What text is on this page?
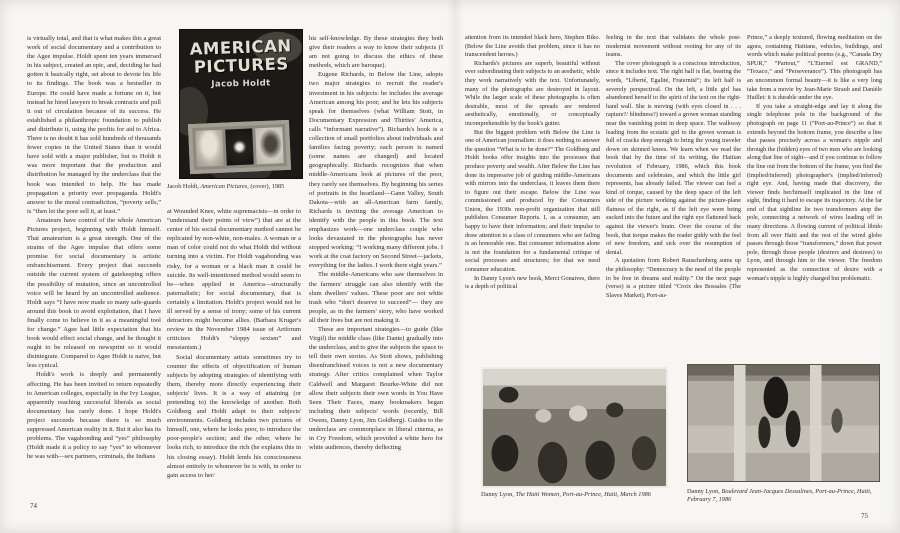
is virtually total, and that is what makes this a great work of social documentary and a contribution to the Agee impulse. Holdt spent ten years immersed in his subject, created an epic, and, deciding he had gotten it basically right, set about to devote his life to its findings. The book was a bestseller in Europe. He could have made a fortune on it, but instead he hired lawyers to break contracts and pull it out of circulation because of its success. He established a philanthropic foundation to publish and distribute it, using the profits for aid to Africa. There is no doubt it has sold hundreds of thousands fewer copies in the United States than it would have sold with a major publisher, but to Holdt it was more important that the production and distribution be managed by the underclass that the book was intended to help. He has made propagation a priority over propaganda. Holdt's answer to the moral contradiction, “poverty sells,” is “then let the poor sell it, at least.”

Amateurs have control of the whole American Pictures project, beginning with Holdt himself. That amateurism is a great strength. One of the strains of the Agee impulse that offers some promise for social documentary is artistic enfranchisement. Every project that succeeds outside the current system of gatekeeping offers the possibility of mutation, since an uncontrolled voice will be heard by an uncontrolled audience. Holdt says “I have now made so many safe-guards around this book to avoid exploitation, that I have finally come to believe in it as a meaningful tool for change.” Agee had little expectation that his book would effect social change, and he thought it ought to be released on newsprint so it would disintegrate. Compared to Agee Holdt is naive, but less cynical.

Holdt's work is deeply and permanently affecting. He has been invited to return repeatedly to American colleges, especially in the Ivy League, apparently reaching successful liberals as social documentary has rarely done. I hope Holdt's project succeeds because there is so much suppressed American reality in it. But it also has its problems. The vagabonding and “yes” philosophy (Holdt made it a policy to say “yes” to whomever he was with—sex partners, criminals, the Indians

AMERICAN
PICTURES
Jacob Holdt
Jacob Holdt, American Pictures, (cover), 1985

at Wounded Knee, white supremacists—in order to “understand their points of view”) that are at the center of his social documentary method cannot be replicated by non-white, non-males. A woman or a man of color could not do what Holdt did without turning into a victim. For Holdt vagabonding was risky, for a woman or a black man it could be suicide. Its well-intentioned method would seem to be—when applied in America—structurally paternalistic; for social documentary, that is certainly a limitation. Holdt's project would not be ill served by a sense of irony; some of his current detractors might become allies. (Barbara Kruger's review in the November 1984 issue of Artforum criticizes Holdt's “sloppy sexism” and messianism.)

Social documentary artists sometimes try to counter the effects of objectification of human subjects by adopting strategies of identifying with them, thereby more directly experiencing their subjects' lives. It is a way of attaining (or pretending to) the knowledge of another. Both Goldberg and Holdt adapt to their subjects' environments. Goldberg includes two pictures of himself, one, where he looks poor, to introduce the poor-people's section; and the other, where he looks rich, to introduce the rich (he explains this in his closing essay). Holdt lends his consciousness almost entirely to whomever he is with, in order to gain access to her/

his self-knowledge. By these strategies they both give their readers a way to know their subjects (I am not going to discuss the ethics of these methods, which are baroque).

Eugene Richards, in Below the Line, adopts two major strategies to recruit the reader's investment in his subjects: he includes the average American among his poor; and he lets his subjects speak for themselves (what William Stott, in Documentary Expression and Thirties' America, calls “informant narrative”). Richards's book is a collection of small portfolios about individuals and families facing poverty; each person is named (some names are changed) and located geographically. Richards recognizes that when middle-Americans look at pictures of the poor, they rarely see themselves. By beginning his series of portraits in the heartland—Gann Valley, South Dakota—with an all-American farm family, Richards is inviting the average American to identify with the people in this book. The text emphasizes work—one underclass couple who looks devastated in the photographs has never stopped working: “I working many different jobs. I work at the coat factory on Second Street—jackets, everything for the ladies. I work there eight years.”

The middle-Americans who saw themselves in the farmers' struggle can also identify with the slum dwellers' values. These poor are not white trash who “don't deserve to succeed”— they are people, as in the farmers' story, who have worked all their lives but are not making it.

These are important strategies—to guide (like Virgil) the middle class (like Dante) gradually into the underclass, and to give the subjects the space to tell their own stories. As Stott shows, publishing disenfranchised voices is not a new documentary strategy. After critics complained when Taylor Caldwell and Margaret Bourke-White did not allow their subjects their own words in You Have Seen Their Faces, many bookmakers began including their subjects' words (recently, Bill Owens, Danny Lyon, Jim Goldberg). Guides to the underclass are commonplace in liberal cinema, as in Cry Freedom, which provided a white hero for white audiences, thereby deflecting

attention from its intended black hero, Stephen Biko. (Below the Line avoids that problem, since it has no transcendent heroes.)

Richards's pictures are superb, beautiful without ever subordinating their subjects to an aesthetic, while they work narratively with the text. Unfortunately, many of the photographs are destroyed in layout. While the larger scale of these photographs is often desirable, most of the spreads are rendered aesthetically, emotionally, or conceptually incomprehensible by the book's gutter.

But the biggest problem with Below the Line is one of American journalism: it does nothing to answer the question “What is to be done?” The Goldberg and Holdt books offer insights into the processes that produce poverty and wealth. After Below the Line has done its impressive job of guiding middle-Americans with mirrors into the underclass, it leaves them there to figure out their escape. Below the Line was commissioned and produced by the Consumers Union, the 1930s non-profit organization that still publishes Consumer Reports. I, as a consumer, am happy to have their information; and their impulse to draw attention to a class of consumers who are failing is an honorable one. But consumer information alone is not the foundation for a fundamental critique of social processes and structures; for that we need consumer education.

In Danny Lyon's new book, Merci Gonaives, there is a depth of political

feeling in the text that validates the whole post-modernist movement without rooting for any of its teams.

The cover photograph is a conscious introduction, since it includes text. The right half is flat, bearing the words, “Liberté, Egalité, Fraternité”; its left half is severely perspectival. On the left, a little girl has abandoned herself to the spirit of the text on the right-hand wall. She is moving (with eyes closed in . . . rapture?/ blindness?) toward a grown woman standing near the vanishing point in deep space. The walkway leading from the ecstatic girl to the grown woman is full of cracks deep enough to bring the young traveler down on skinned knees. We learn when we read the book that by the time of its writing, the Haitian revolution of February, 1986, which this book documents and celebrates, and which the little girl represents, has already failed. The viewer can feel a kind of torque, caused by the deep space of the left side of the picture working against the picture-plane flatness of the right, as if the left eye were being sucked into the future and the right eye flattened back against the viewer's brain. Over the course of the book, that torque makes the reader giddy with the feel of new freedom, and sick over the resumption of denial.

A quotation from Robert Rauschenberg sums up the philosophy: “Democracy is the need of the people to be free in dreams and reality.” On the next page (verso) is a picture titled “Croix des Bossales (The Slaves Market), Port-au-

Prince,” a deeply textured, flowing meditation on the agora, containing Haitians, vehicles, buildings, and words which make political poems (e.g., “Canada Dry SPUR,” “Partout,” “L'Eternel est GRAND,” “Texaco,” and “Perseverance”). This photograph has an uncommon formal beauty—it is like a very long take from a movie by Jean-Marie Straub and Danièle Huillet: it is durable under the eye.

If you take a straight-edge and lay it along the single telephone pole in the background of the photograph on page 11 (“Port-au-Prince”) so that it extends beyond the bottom frame, you describe a line that passes precisely across a woman's nipple and through the (hidden) eyes of two men who are looking along that line of sight—and if you continue to follow the line out from the bottom of the frame, you find the (implied/inferred) photographer's (implied/inferred) right eye. And, having made that discovery, the viewer finds her/himself implicated in the line of sight, finding it hard to escape its trajectory. At the far end of that sightline lie two transformers atop the pole, connecting a network of wires leading off in many directions. A flowing current of political libido from all over Haiti and the rest of the wired globe passes through those “transformers,” down that power pole, through those people (desirers and desirees) to Lyon, and through him to the viewer. The freedom represented as the connection of desire with a woman's nipple is highly charged but problematic.

Danny Lyon, The Haiti Women, Port-au-Prince, Haiti, March 1986	Danny Lyon, Boulevard Jean-Jacques Dessalines, Port-au-Prince, Haiti, February 7, 1986
74
75
